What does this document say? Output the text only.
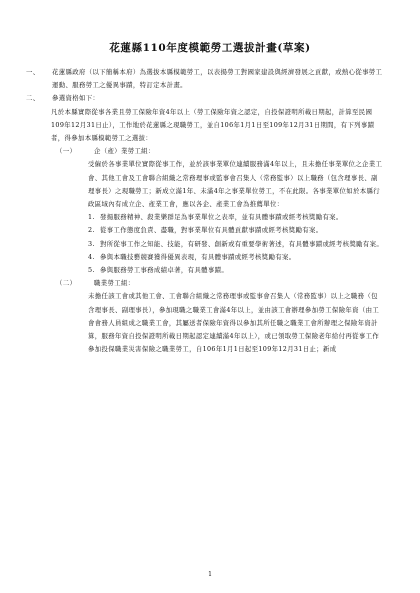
花蓮縣110年度模範勞工選拔計畫(草案)
一、	花蓮縣政府（以下簡稱本府）為選拔本縣模範勞工，以表揚勞工對國家建設與經濟發展之貢獻，或熱心從事勞工運動、服務勞工之優異事蹟，特訂定本計畫。
二、	參選資格如下：
凡於本縣實際從事各業且勞工保險年資4年以上（勞工保險年資之認定，自投保證明所載日期起，計算至民國109年12月31日止），工作地於花蓮縣之現職勞工，並自106年1月1日至109年12月31日期間，有下列事蹟者，得參加本縣模範勞工之選拔：
（一）	企（產）業勞工組：
受僱於各事業單位實際從事工作，並於該事業單位連續服務滿4年以上，且未擔任事業單位之企業工會、其他工會及工會聯合組織之常務理事或監事會召集人（常務監事）以上職務（包含理事長、副理事長）之現職勞工；新成立滿1年、未滿4年之事業單位勞工，不在此限。各事業單位如於本縣行政區域內有成立企、產業工會，應以各企、產業工會為推薦單位：
1. 發揚服務精神、殺業樂群足為事業單位之表率，並有具體事蹟或經考核獎勵有案。
2. 從事工作態度負責、盡職，對事業單位有具體貢獻事蹟或經考核獎勵有案。
3. 對所從事工作之知能、技能，有研發、創新或有重要學術著述，有具體事蹟或經考核獎勵有案。
4. 參與本職技藝競賽獲得優異表現，有具體事蹟或經考核獎勵有案。
5. 參與服務勞工事務成績卓著，有具體事蹟。
（二）	職業勞工組：
未擔任該工會或其他工會、工會聯合組織之常務理事或監事會召集人（常務監事）以上之職務（包含理事長、副理事長），參加現職之職業工會滿4年以上，並由該工會辦理參加勞工保險年資（由工會會務人員組成之職業工會，其屬送者保險年資得以參加其所任職之職業工會所辦理之保險年資計算，服務年資自投保證明所載日期起認定連續滿4年以上），或已領取勞工保險老年給付再從事工作參加投保職業災害保險之職業勞工，自106年1月1日起至109年12月31日止；新成
1
